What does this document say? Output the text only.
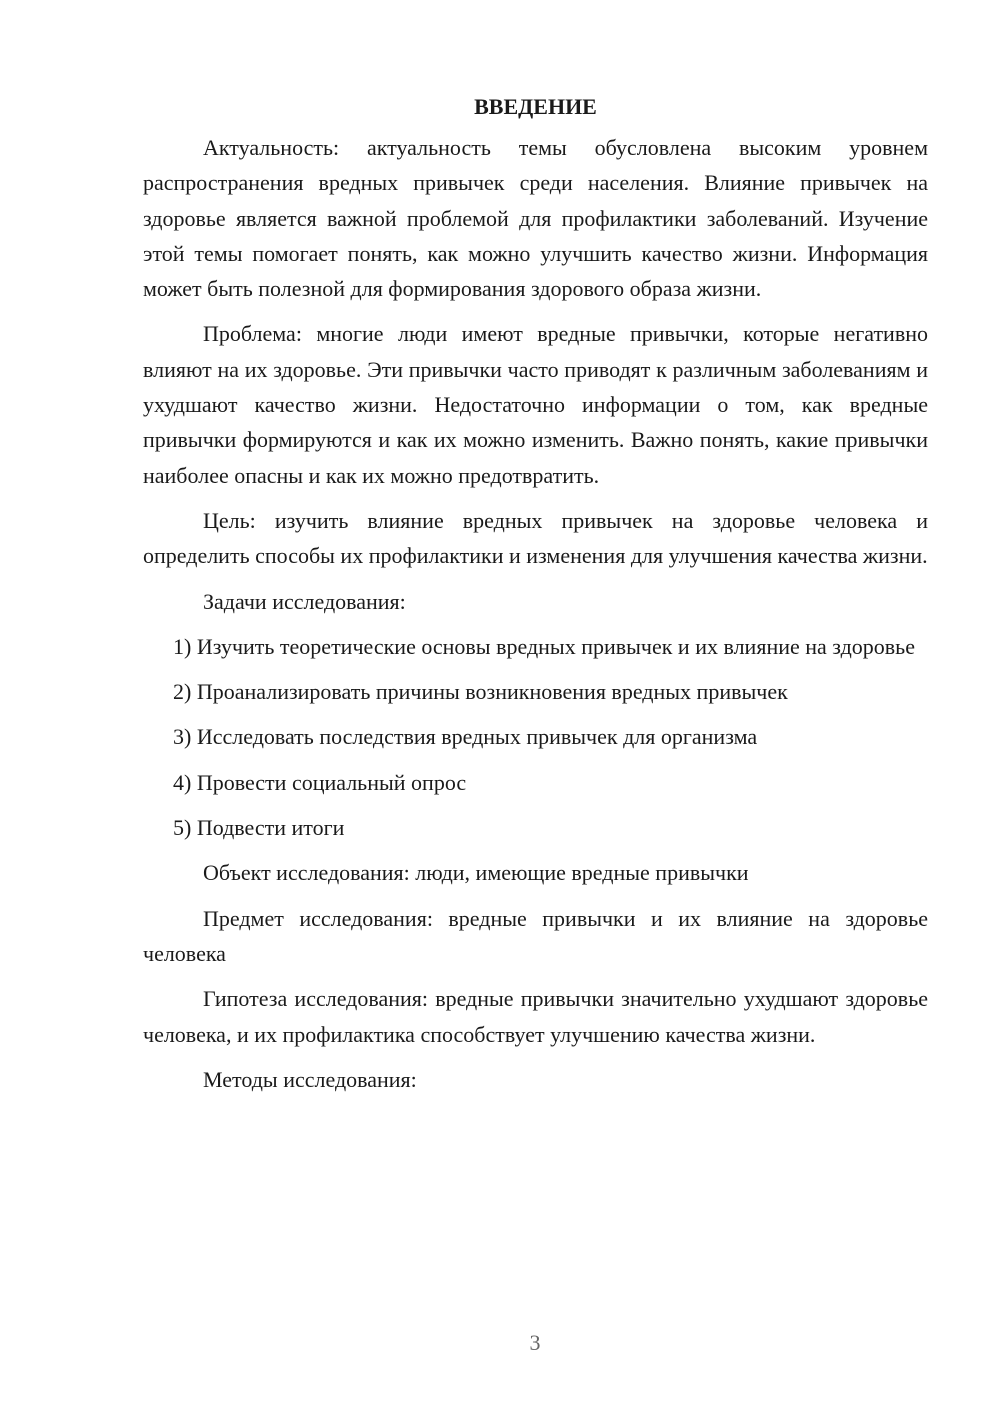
ВВЕДЕНИЕ

Актуальность: актуальность темы обусловлена высоким уровнем распространения вредных привычек среди населения. Влияние привычек на здоровье является важной проблемой для профилактики заболеваний. Изучение этой темы помогает понять, как можно улучшить качество жизни. Информация может быть полезной для формирования здорового образа жизни.

Проблема: многие люди имеют вредные привычки, которые негативно влияют на их здоровье. Эти привычки часто приводят к различным заболеваниям и ухудшают качество жизни. Недостаточно информации о том, как вредные привычки формируются и как их можно изменить. Важно понять, какие привычки наиболее опасны и как их можно предотвратить.

Цель: изучить влияние вредных привычек на здоровье человека и определить способы их профилактики и изменения для улучшения качества жизни.

Задачи исследования:

1) Изучить теоретические основы вредных привычек и их влияние на здоровье

2) Проанализировать причины возникновения вредных привычек

3) Исследовать последствия вредных привычек для организма

4) Провести социальный опрос

5) Подвести итоги

Объект исследования: люди, имеющие вредные привычки

Предмет исследования: вредные привычки и их влияние на здоровье человека

Гипотеза исследования: вредные привычки значительно ухудшают здоровье человека, и их профилактика способствует улучшению качества жизни.

Методы исследования:

3
